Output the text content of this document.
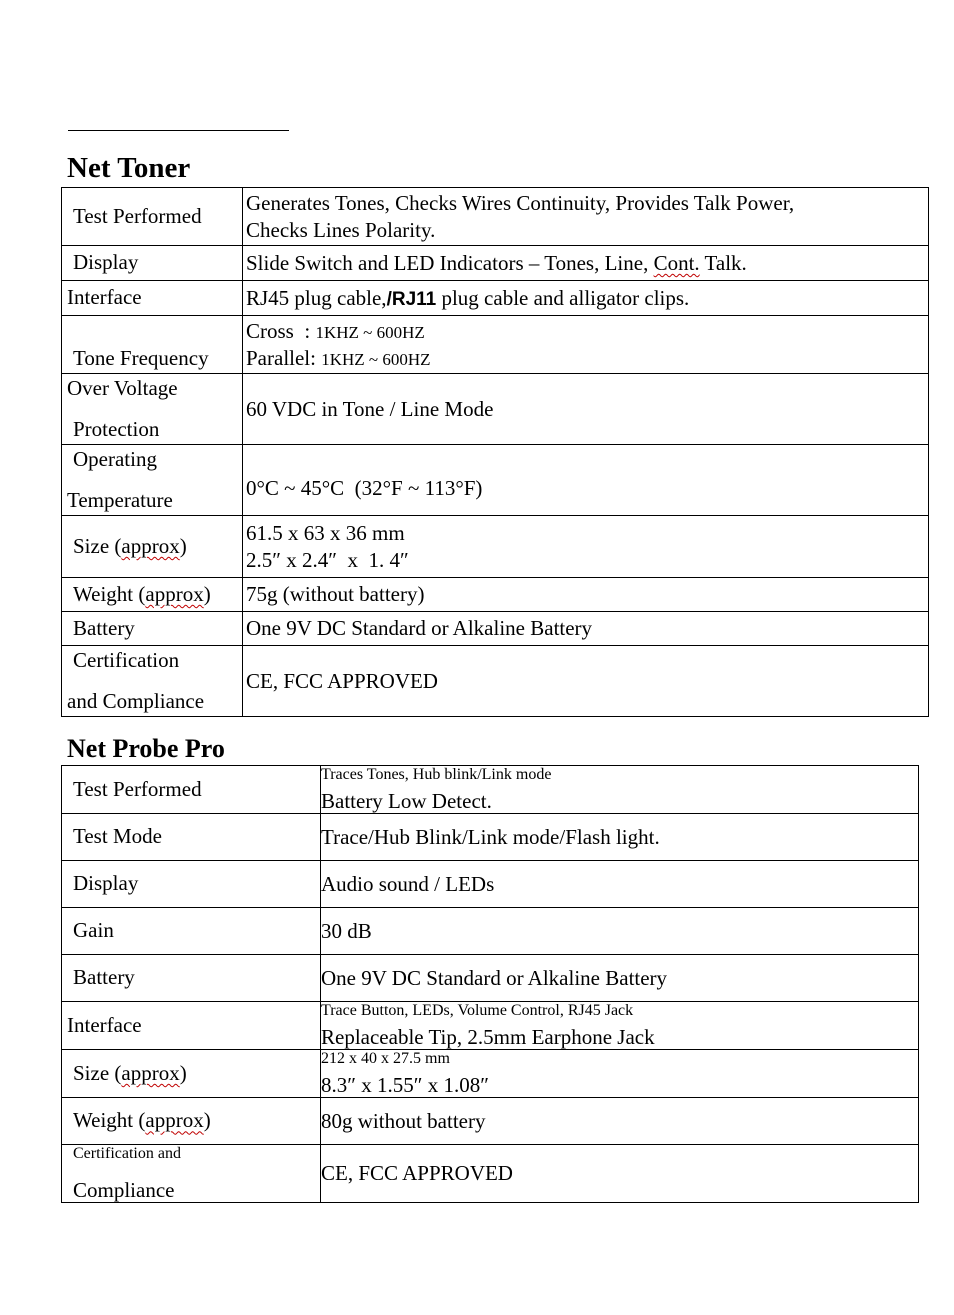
Net Toner
Test Performed	Generates Tones, Checks Wires Continuity, Provides Talk Power,
Checks Lines Polarity.

Display	Slide Switch and LED Indicators – Tones, Line, Cont. Talk.

Interface	RJ45 plug cable,/RJ11 plug cable and alligator clips.

Tone Frequency	Cross  : 1KHZ ~ 600HZ
Parallel: 1KHZ ~ 600HZ

Over Voltage
Protection	60 VDC in Tone / Line Mode

Operating
Temperature	0°C ~ 45°C  (32°F ~ 113°F)

Size (approx)	61.5 x 63 x 36 mm
2.5″ x 2.4″  x  1. 4″

Weight (approx)	75g (without battery)

Battery	One 9V DC Standard or Alkaline Battery

Certification
and Compliance	CE, FCC APPROVED
Net Probe Pro
Test Performed	Traces Tones, Hub blink/Link mode
Battery Low Detect.

Test Mode	Trace/Hub Blink/Link mode/Flash light.

Display	Audio sound / LEDs

Gain	30 dB

Battery	One 9V DC Standard or Alkaline Battery

Interface	Trace Button, LEDs, Volume Control, RJ45 Jack
Replaceable Tip, 2.5mm Earphone Jack

Size (approx)	212 x 40 x 27.5 mm
8.3″ x 1.55″ x 1.08″

Weight (approx)	80g without battery

Certification and
Compliance	CE, FCC APPROVED
